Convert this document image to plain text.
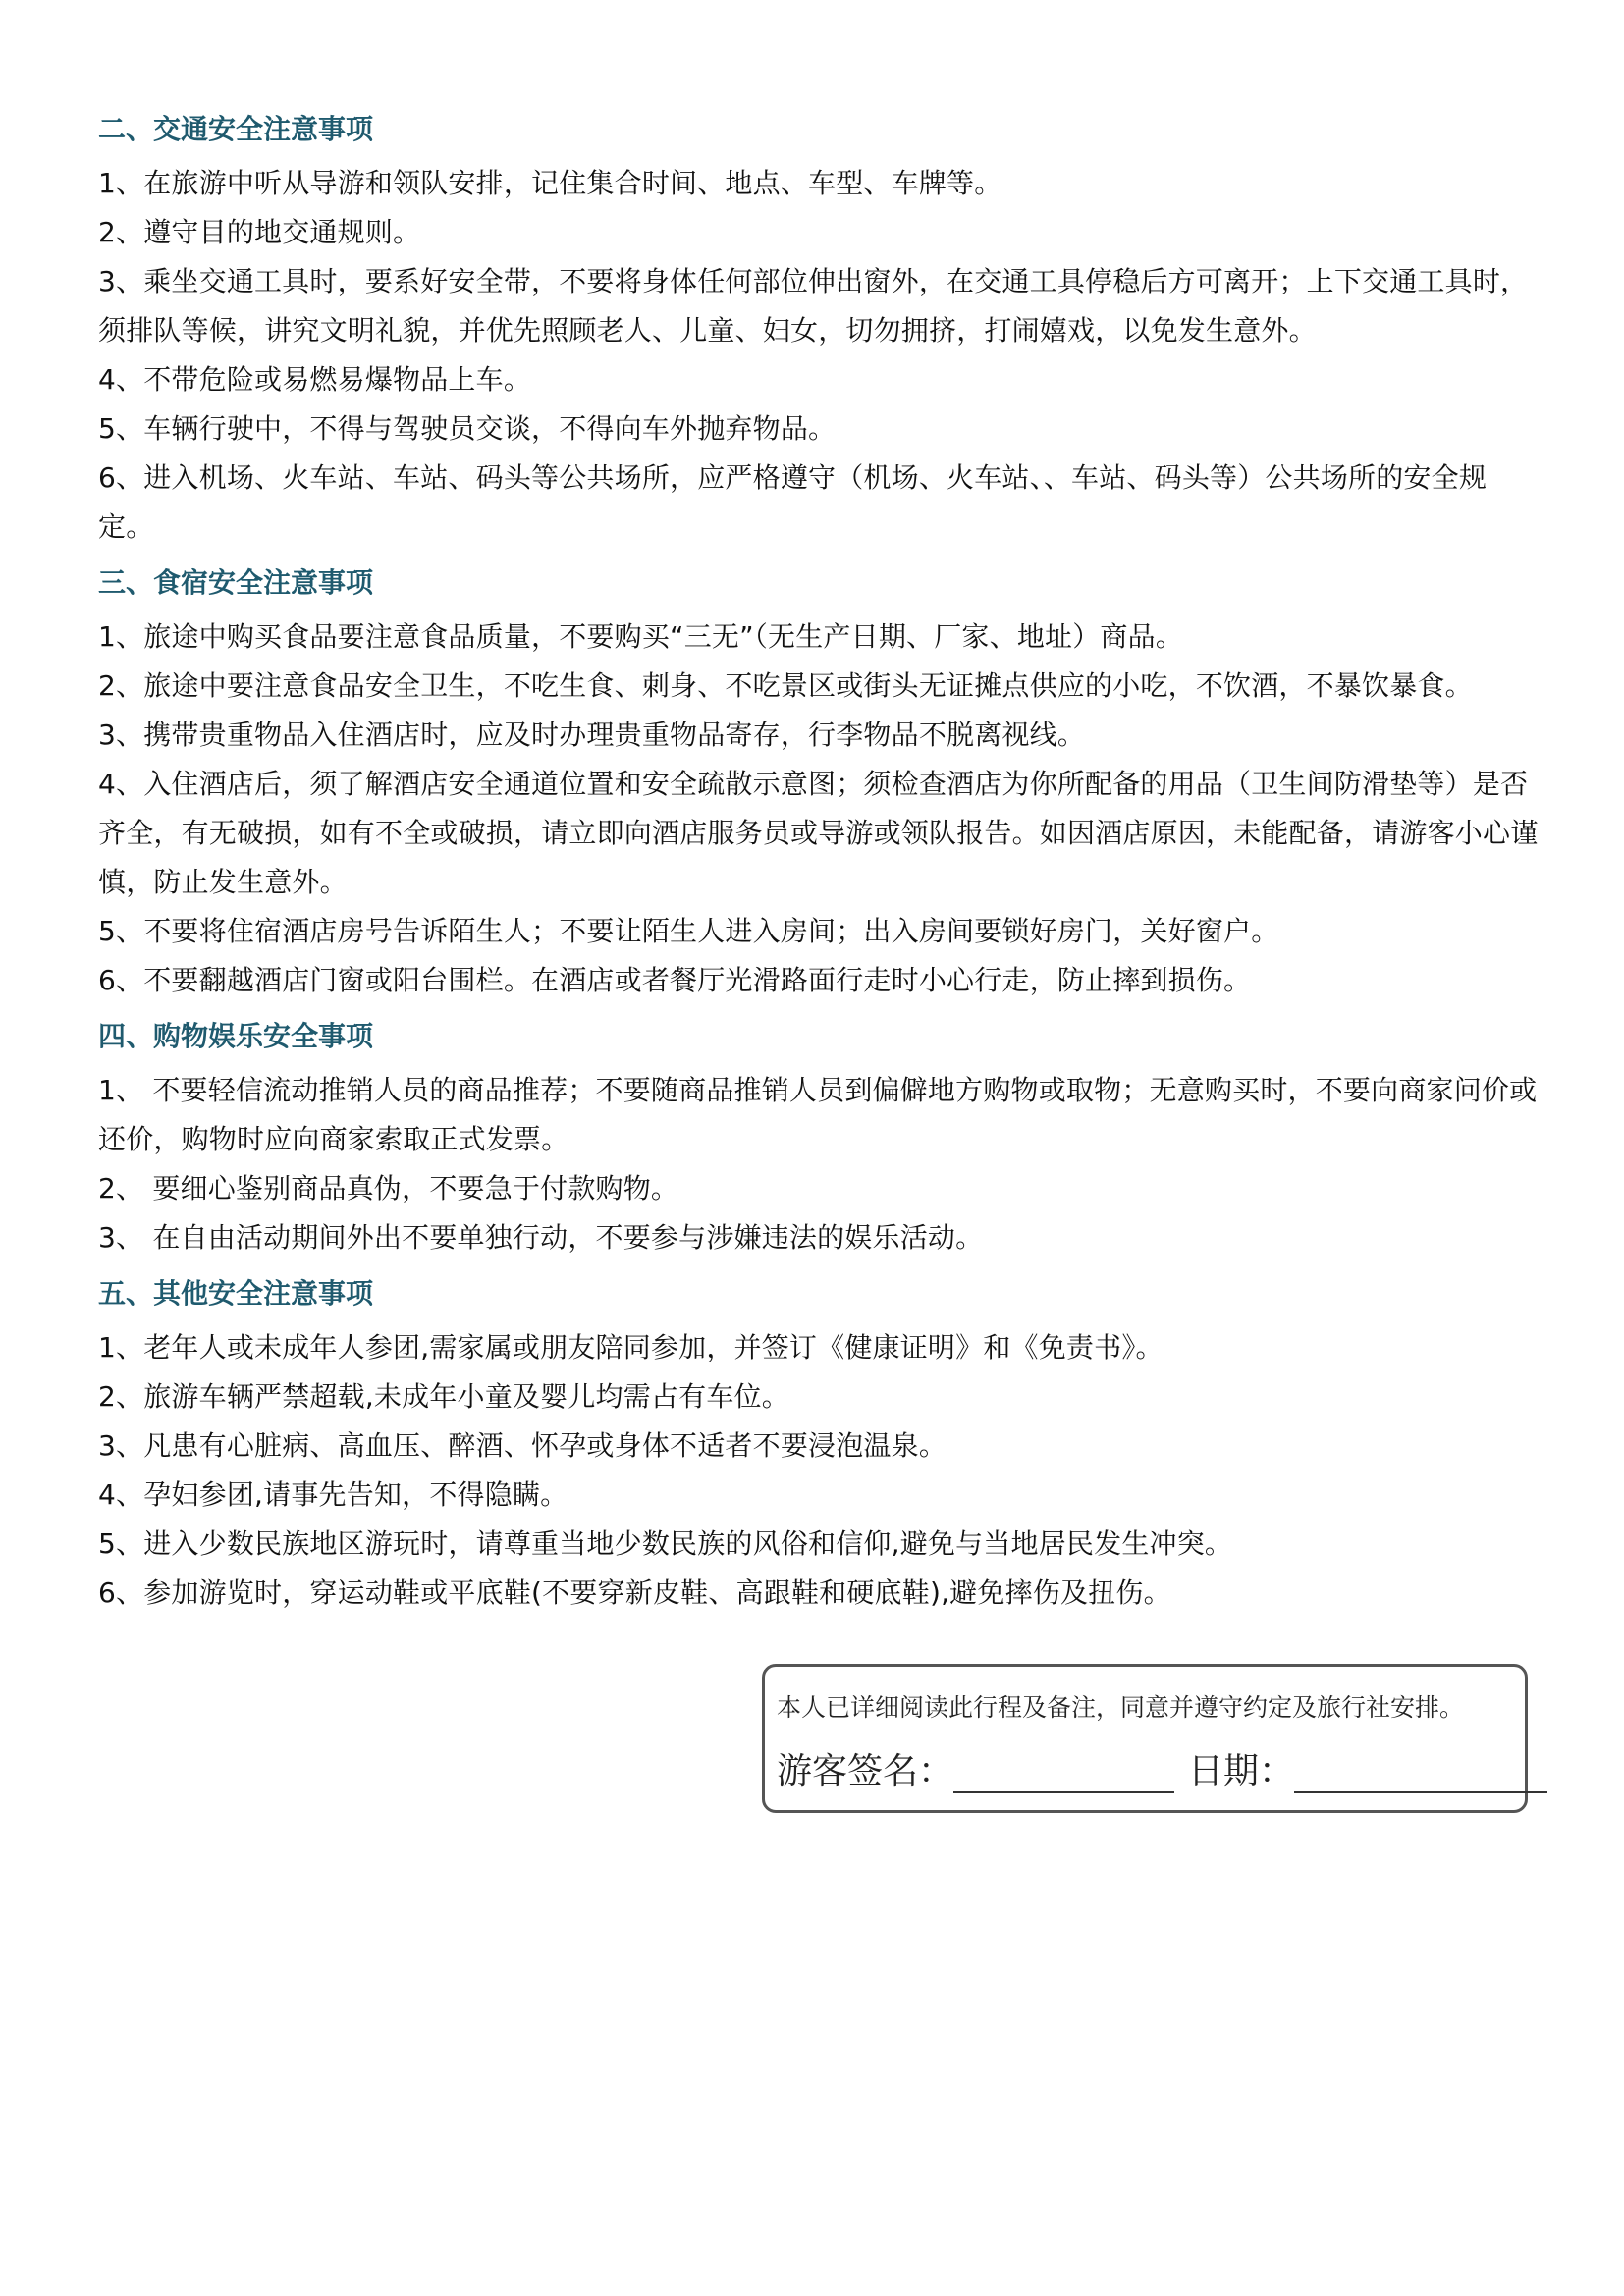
二、交通安全注意事项

1、在旅游中听从导游和领队安排，记住集合时间、地点、车型、车牌等。

2、遵守目的地交通规则。

3、乘坐交通工具时，要系好安全带，不要将身体任何部位伸出窗外，在交通工具停稳后方可离开；上下交通工具时，须排队等候，讲究文明礼貌，并优先照顾老人、儿童、妇女，切勿拥挤，打闹嬉戏，以免发生意外。

4、不带危险或易燃易爆物品上车。

5、车辆行驶中，不得与驾驶员交谈，不得向车外抛弃物品。

6、进入机场、火车站、车站、码头等公共场所，应严格遵守（机场、火车站、、车站、码头等）公共场所的安全规定。

三、食宿安全注意事项

1、旅途中购买食品要注意食品质量，不要购买“三无”（无生产日期、厂家、地址）商品。

2、旅途中要注意食品安全卫生，不吃生食、刺身、不吃景区或街头无证摊点供应的小吃，不饮酒，不暴饮暴食。

3、携带贵重物品入住酒店时，应及时办理贵重物品寄存，行李物品不脱离视线。

4、入住酒店后，须了解酒店安全通道位置和安全疏散示意图；须检查酒店为你所配备的用品（卫生间防滑垫等）是否齐全，有无破损，如有不全或破损，请立即向酒店服务员或导游或领队报告。如因酒店原因，未能配备，请游客小心谨慎，防止发生意外。

5、不要将住宿酒店房号告诉陌生人；不要让陌生人进入房间；出入房间要锁好房门，关好窗户。

6、不要翻越酒店门窗或阳台围栏。在酒店或者餐厅光滑路面行走时小心行走，防止摔到损伤。

四、购物娱乐安全事项

1、 不要轻信流动推销人员的商品推荐；不要随商品推销人员到偏僻地方购物或取物；无意购买时，不要向商家问价或还价，购物时应向商家索取正式发票。

2、 要细心鉴别商品真伪，不要急于付款购物。

3、 在自由活动期间外出不要单独行动，不要参与涉嫌违法的娱乐活动。

五、其他安全注意事项

1、老年人或未成年人参团,需家属或朋友陪同参加，并签订《健康证明》和《免责书》。

2、旅游车辆严禁超载,未成年小童及婴儿均需占有车位。

3、凡患有心脏病、高血压、醉酒、怀孕或身体不适者不要浸泡温泉。

4、孕妇参团,请事先告知，不得隐瞒。

5、进入少数民族地区游玩时，请尊重当地少数民族的风俗和信仰,避免与当地居民发生冲突。

6、参加游览时，穿运动鞋或平底鞋(不要穿新皮鞋、高跟鞋和硬底鞋),避免摔伤及扭伤。

本人已详细阅读此行程及备注，同意并遵守约定及旅行社安排。
游客签名：	日期：
